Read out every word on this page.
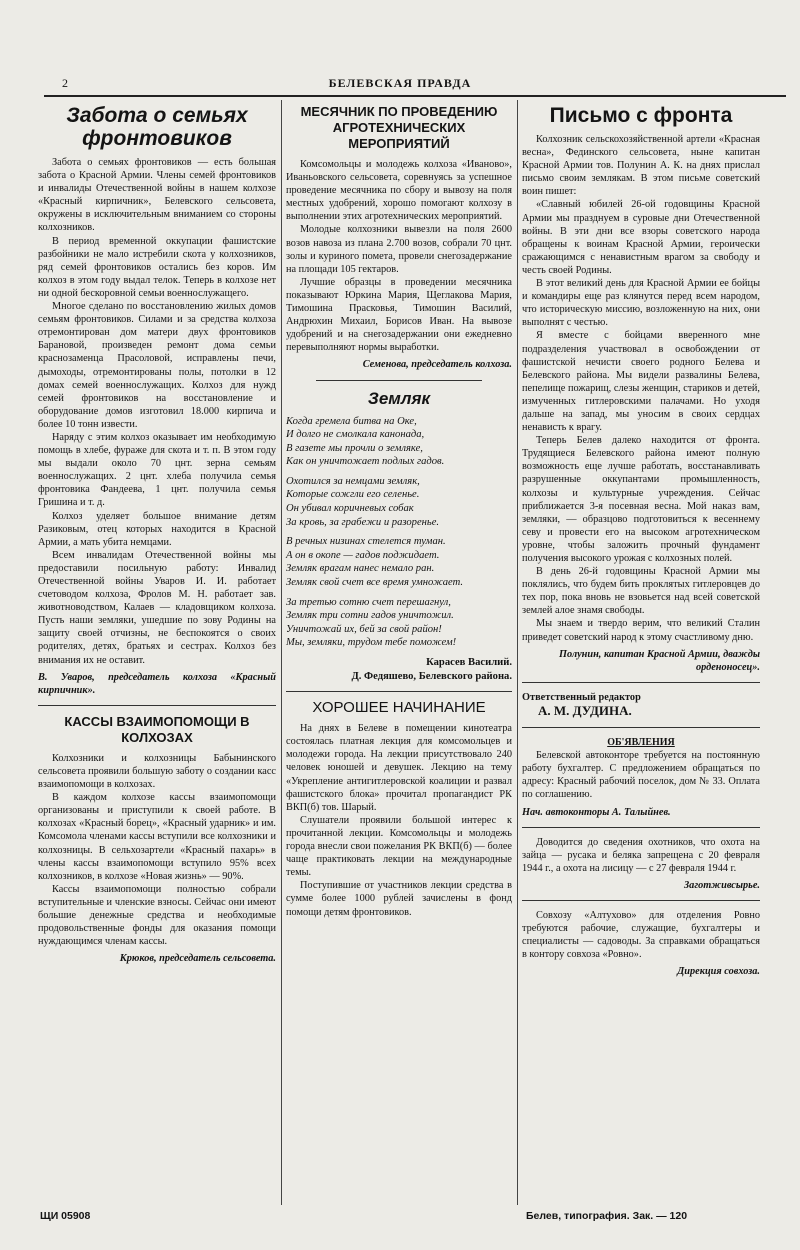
2	БЕЛЕВСКАЯ ПРАВДА
Забота о семьях фронтовиков

Забота о семьях фронтовиков — есть большая забота о Красной Армии. Члены семей фронтовиков и инвалиды Отечественной войны в нашем колхозе «Красный кирпичник», Белевского сельсовета, окружены в исключительным вниманием со стороны колхозников.

В период временной оккупации фашистские разбойники не мало истребили скота у колхозников, ряд семей фронтовиков остались без коров. Им колхоз в этом году выдал телок. Теперь в колхозе нет ни одной бескоровной семьи военнослужащего.

Многое сделано по восстановлению жилых домов семьям фронтовиков. Силами и за средства колхоза отремонтирован дом матери двух фронтовиков Барановой, произведен ремонт дома семьи краснозаменца Прасоловой, исправлены печи, дымоходы, отремонтированы полы, потолки в 12 домах семей военнослужащих. Колхоз для нужд семей фронтовиков на восстановление и оборудование домов изготовил 18.000 кирпича и более 10 тонн извести.

Наряду с этим колхоз оказывает им необходимую помощь в хлебе, фураже для скота и т. п. В этом году мы выдали около 70 цнт. зерна семьям военнослужащих. 2 цнт. хлеба получила семья фронтовика Фандеева, 1 цнт. получила семья Гришина и т. д.

Колхоз уделяет большое внимание детям Разиковым, отец которых находится в Красной Армии, а мать убита немцами.

Всем инвалидам Отечественной войны мы предоставили посильную работу: Инвалид Отечественной войны Уваров И. И. работает счетоводом колхоза, Фролов М. Н. работает зав. животноводством, Калаев — кладовщиком колхоза. Пусть наши земляки, ушедшие по зову Родины на защиту своей отчизны, не беспокоятся о своих родителях, детях, братьях и сестрах. Колхоз без внимания их не оставит.

В. Уваров, председатель колхоза «Красный кирпичник».

КАССЫ ВЗАИМОПОМОЩИ В КОЛХОЗАХ

Колхозники и колхозницы Бабынинского сельсовета проявили большую заботу о создании касс взаимопомощи в колхозах.

В каждом колхозе кассы взаимопомощи организованы и приступили к своей работе. В колхозах «Красный борец», «Красный ударник» и им. Комсомола членами кассы вступили все колхозники и колхозницы. В сельхозартели «Красный пахарь» в члены кассы взаимопомощи вступило 95% всех колхозников, в колхозе «Новая жизнь» — 90%.

Кассы взаимопомощи полностью собрали вступительные и членские взносы. Сейчас они имеют большие денежные средства и необходимые продовольственные фонды для оказания помощи нуждающимся членам кассы.

Крюков, председатель сельсовета.

МЕСЯЧНИК ПО ПРОВЕДЕНИЮ АГРОТЕХНИЧЕСКИХ МЕРОПРИЯТИЙ

Комсомольцы и молодежь колхоза «Иваново», Иваньовского сельсовета, соревнуясь за успешное проведение месячника по сбору и вывозу на поля местных удобрений, хорошо помогают колхозу в выполнении этих агротехнических мероприятий.

Молодые колхозники вывезли на поля 2600 возов навоза из плана 2.700 возов, собрали 70 цнт. золы и куриного помета, провели снегозадержание на площади 105 гектаров.

Лучшие образцы в проведении месячника показывают Юркина Мария, Щеглакова Мария, Тимошина Прасковья, Тимошин Василий, Андрюхин Михаил, Борисов Иван. На вывозе удобрений и на снегозадержании они ежедневно перевыполняют нормы выработки.

Семенова, председатель колхоза.

Земляк
Когда гремела битва на Оке,
И долго не смолкала канонада,
В газете мы прочли о земляке,
Как он уничтожает подлых гадов.
Охотился за немцами земляк,
Которые сожгли его селенье.
Он убивал коричневых собак
За кровь, за грабежи и разоренье.
В речных низинах стелется туман.
А он в окопе — гадов поджидает.
Земляк врагам нанес немало ран.
Земляк свой счет все время умножает.
За третью сотню счет перешагнул,
Земляк три сотни гадов уничтожил.
Уничтожай их, бей за свой район!
Мы, земляки, трудом тебе поможем!
Карасев Василий.
Д. Федяшево, Белевского района.
ХОРОШЕЕ НАЧИНАНИЕ

На днях в Белеве в помещении кинотеатра состоялась платная лекция для комсомольцев и молодежи города. На лекции присутствовало 240 человек юношей и девушек. Лекцию на тему «Укрепление антигитлеровской коалиции и развал фашистского блока» прочитал пропагандист РК ВКП(б) тов. Шарый.

Слушатели проявили большой интерес к прочитанной лекции. Комсомольцы и молодежь города внесли свои пожелания РК ВКП(б) — более чаще практиковать лекции на международные темы.

Поступившие от участников лекции средства в сумме более 1000 рублей зачислены в фонд помощи детям фронтовиков.

Письмо с фронта

Колхозник сельскохозяйственной артели «Красная весна», Фединского сельсовета, ныне капитан Красной Армии тов. Полунин А. К. на днях прислал письмо своим землякам. В этом письме советский воин пишет:

«Славный юбилей 26-ой годовщины Красной Армии мы празднуем в суровые дни Отечественной войны. В эти дни все взоры советского народа обращены к воинам Красной Армии, героически сражающимся с ненавистным врагом за свободу и честь своей Родины.

В этот великий день для Красной Армии ее бойцы и командиры еще раз клянутся перед всем народом, что историческую миссию, возложенную на них, они выполнят с честью.

Я вместе с бойцами вверенного мне подразделения участвовал в освобождении от фашистской нечисти своего родного Белева и Белевского района. Мы видели развалины Белева, пепелище пожарищ, слезы женщин, стариков и детей, измученных гитлеровскими палачами. Но уходя дальше на запад, мы уносим в своих сердцах ненависть к врагу.

Теперь Белев далеко находится от фронта. Трудящиеся Белевского района имеют полную возможность еще лучше работать, восстанавливать разрушенные оккупантами промышленность, колхозы и культурные учреждения. Сейчас приближается 3-я посевная весна. Мой наказ вам, земляки, — образцово подготовиться к весеннему севу и провести его на высоком агротехническом уровне, чтобы заложить прочный фундамент получения высокого урожая с колхозных полей.

В день 26-й годовщины Красной Армии мы поклялись, что будем бить проклятых гитлеровцев до тех пор, пока вновь не взовьется над всей советской землей алое знамя свободы.

Мы знаем и твердо верим, что великий Сталин приведет советский народ к этому счастливому дню.

Полунин, капитан Красной Армии, дважды орденоносец».

Ответственный редактор
А. М. ДУДИНА.
ОБ'ЯВЛЕНИЯ

Белевской автоконторе требуется на постоянную работу бухгалтер. С предложением обращаться по адресу: Красный рабочий поселок, дом № 33. Оплата по соглашению.

Нач. автоконторы А. Талыйнев.

Доводится до сведения охотников, что охота на зайца — русака и беляка запрещена с 20 февраля 1944 г., а охота на лисицу — с 27 февраля 1944 г.

Заготживсырье.

Совхозу «Алтухово» для отделения Ровно требуются рабочие, служащие, бухгалтеры и специалисты — садоводы. За справками обращаться в контору совхоза «Ровно».

Дирекция совхоза.

ЩИ 05908	Белев, типография. Зак. — 120
